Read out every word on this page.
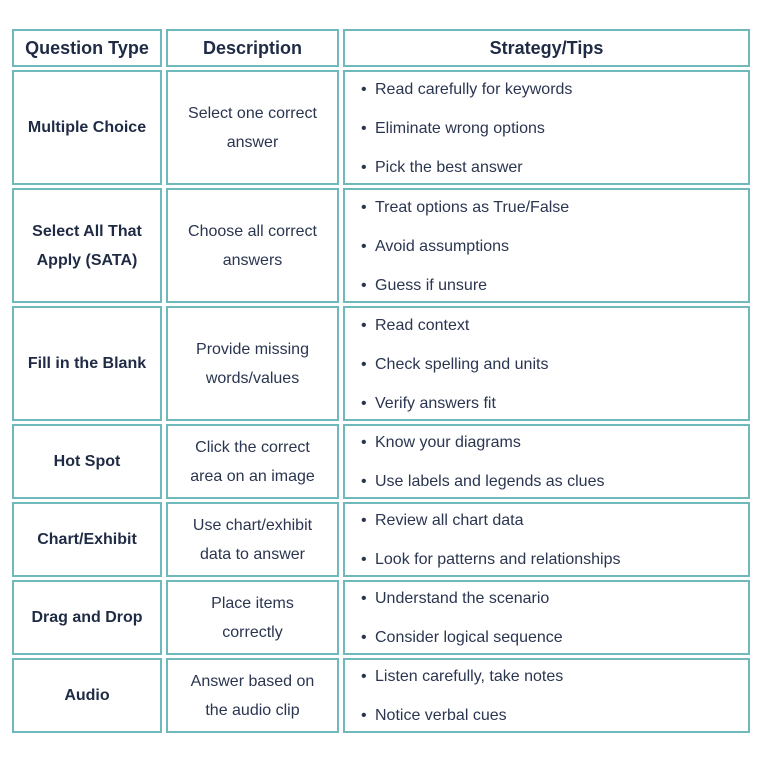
Question Type	Description	Strategy/Tips
Multiple Choice
Select one correct answer
• Read carefully for keywords
• Eliminate wrong options
• Pick the best answer
Select All That Apply (SATA)
Choose all correct answers
• Treat options as True/False
• Avoid assumptions
• Guess if unsure
Fill in the Blank
Provide missing words/values
• Read context
• Check spelling and units
• Verify answers fit
Hot Spot
Click the correct area on an image
• Know your diagrams
• Use labels and legends as clues
Chart/Exhibit
Use chart/exhibit data to answer
• Review all chart data
• Look for patterns and relationships
Drag and Drop
Place items correctly
• Understand the scenario
• Consider logical sequence
Audio
Answer based on the audio clip
• Listen carefully, take notes
• Notice verbal cues
